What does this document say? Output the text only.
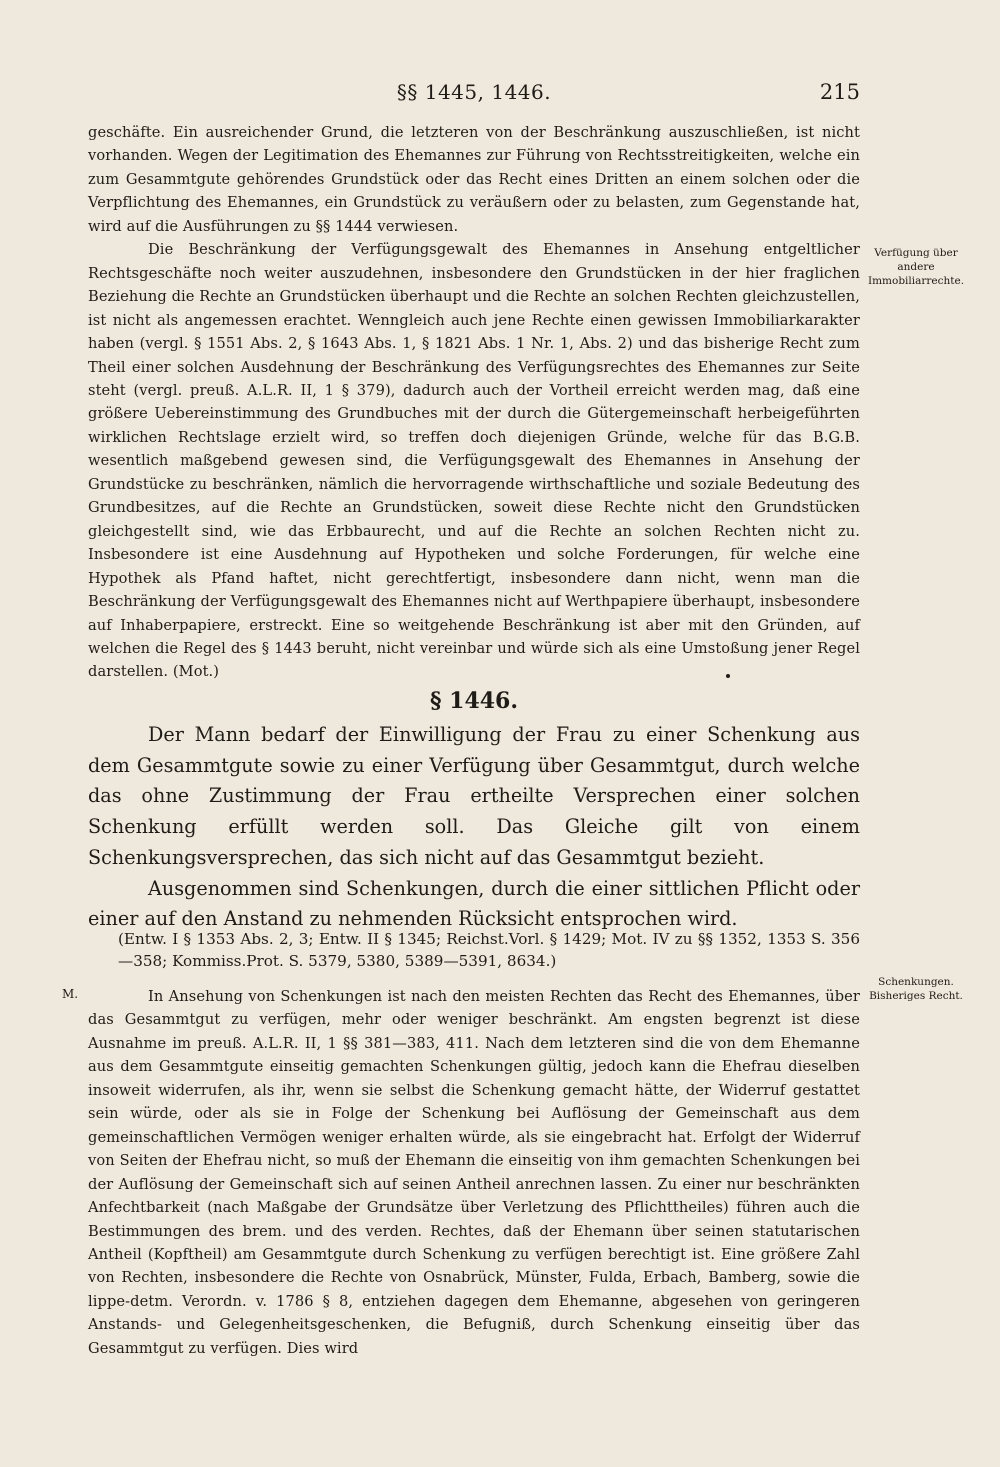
§§ 1445, 1446.	215

geschäfte. Ein ausreichender Grund, die letzteren von der Beschränkung auszuschließen, ist nicht vorhanden. Wegen der Legitimation des Ehemannes zur Führung von Rechtsstreitigkeiten, welche ein zum Gesammtgute gehörendes Grundstück oder das Recht eines Dritten an einem solchen oder die Verpflichtung des Ehemannes, ein Grundstück zu veräußern oder zu belasten, zum Gegenstande hat, wird auf die Ausführungen zu §§ 1444 verwiesen.

Die Beschränkung der Verfügungsgewalt des Ehemannes in Ansehung entgeltlicher Rechtsgeschäfte noch weiter auszudehnen, insbesondere den Grundstücken in der hier fraglichen Beziehung die Rechte an Grundstücken überhaupt und die Rechte an solchen Rechten gleichzustellen, ist nicht als angemessen erachtet. Wenngleich auch jene Rechte einen gewissen Immobiliarkarakter haben (vergl. § 1551 Abs. 2, § 1643 Abs. 1, § 1821 Abs. 1 Nr. 1, Abs. 2) und das bisherige Recht zum Theil einer solchen Ausdehnung der Beschränkung des Verfügungsrechtes des Ehemannes zur Seite steht (vergl. preuß. A.L.R. II, 1 § 379), dadurch auch der Vortheil erreicht werden mag, daß eine größere Uebereinstimmung des Grundbuches mit der durch die Gütergemeinschaft herbeigeführten wirklichen Rechtslage erzielt wird, so treffen doch diejenigen Gründe, welche für das B.G.B. wesentlich maßgebend gewesen sind, die Verfügungsgewalt des Ehemannes in Ansehung der Grundstücke zu beschränken, nämlich die hervorragende wirthschaftliche und soziale Bedeutung des Grundbesitzes, auf die Rechte an Grundstücken, soweit diese Rechte nicht den Grundstücken gleichgestellt sind, wie das Erbbaurecht, und auf die Rechte an solchen Rechten nicht zu. Insbesondere ist eine Ausdehnung auf Hypotheken und solche Forderungen, für welche eine Hypothek als Pfand haftet, nicht gerechtfertigt, insbesondere dann nicht, wenn man die Beschränkung der Verfügungsgewalt des Ehemannes nicht auf Werthpapiere überhaupt, insbesondere auf Inhaberpapiere, erstreckt. Eine so weitgehende Beschränkung ist aber mit den Gründen, auf welchen die Regel des § 1443 beruht, nicht vereinbar und würde sich als eine Umstoßung jener Regel darstellen. (Mot.)

Verfügung über andere Immobiliarrechte.
§ 1446.

Der Mann bedarf der Einwilligung der Frau zu einer Schenkung aus dem Gesammtgute sowie zu einer Verfügung über Gesammtgut, durch welche das ohne Zustimmung der Frau ertheilte Versprechen einer solchen Schenkung erfüllt werden soll. Das Gleiche gilt von einem Schenkungsversprechen, das sich nicht auf das Gesammtgut bezieht.

Ausgenommen sind Schenkungen, durch die einer sittlichen Pflicht oder einer auf den Anstand zu nehmenden Rücksicht entsprochen wird.

(Entw. I § 1353 Abs. 2, 3; Entw. II § 1345; Reichst.Vorl. § 1429; Mot. IV zu §§ 1352, 1353 S. 356—358; Kommiss.Prot. S. 5379, 5380, 5389—5391, 8634.)

M.
Schenkungen. Bisheriges Recht.

In Ansehung von Schenkungen ist nach den meisten Rechten das Recht des Ehemannes, über das Gesammtgut zu verfügen, mehr oder weniger beschränkt. Am engsten begrenzt ist diese Ausnahme im preuß. A.L.R. II, 1 §§ 381—383, 411. Nach dem letzteren sind die von dem Ehemanne aus dem Gesammtgute einseitig gemachten Schenkungen gültig, jedoch kann die Ehefrau dieselben insoweit widerrufen, als ihr, wenn sie selbst die Schenkung gemacht hätte, der Widerruf gestattet sein würde, oder als sie in Folge der Schenkung bei Auflösung der Gemeinschaft aus dem gemeinschaftlichen Vermögen weniger erhalten würde, als sie eingebracht hat. Erfolgt der Widerruf von Seiten der Ehefrau nicht, so muß der Ehemann die einseitig von ihm gemachten Schenkungen bei der Auflösung der Gemeinschaft sich auf seinen Antheil anrechnen lassen. Zu einer nur beschränkten Anfechtbarkeit (nach Maßgabe der Grundsätze über Verletzung des Pflichttheiles) führen auch die Bestimmungen des brem. und des verden. Rechtes, daß der Ehemann über seinen statutarischen Antheil (Kopftheil) am Gesammtgute durch Schenkung zu verfügen berechtigt ist. Eine größere Zahl von Rechten, insbesondere die Rechte von Osnabrück, Münster, Fulda, Erbach, Bamberg, sowie die lippe-detm. Verordn. v. 1786 § 8, entziehen dagegen dem Ehemanne, abgesehen von geringeren Anstands- und Gelegenheitsgeschenken, die Befugniß, durch Schenkung einseitig über das Gesammtgut zu verfügen. Dies wird
